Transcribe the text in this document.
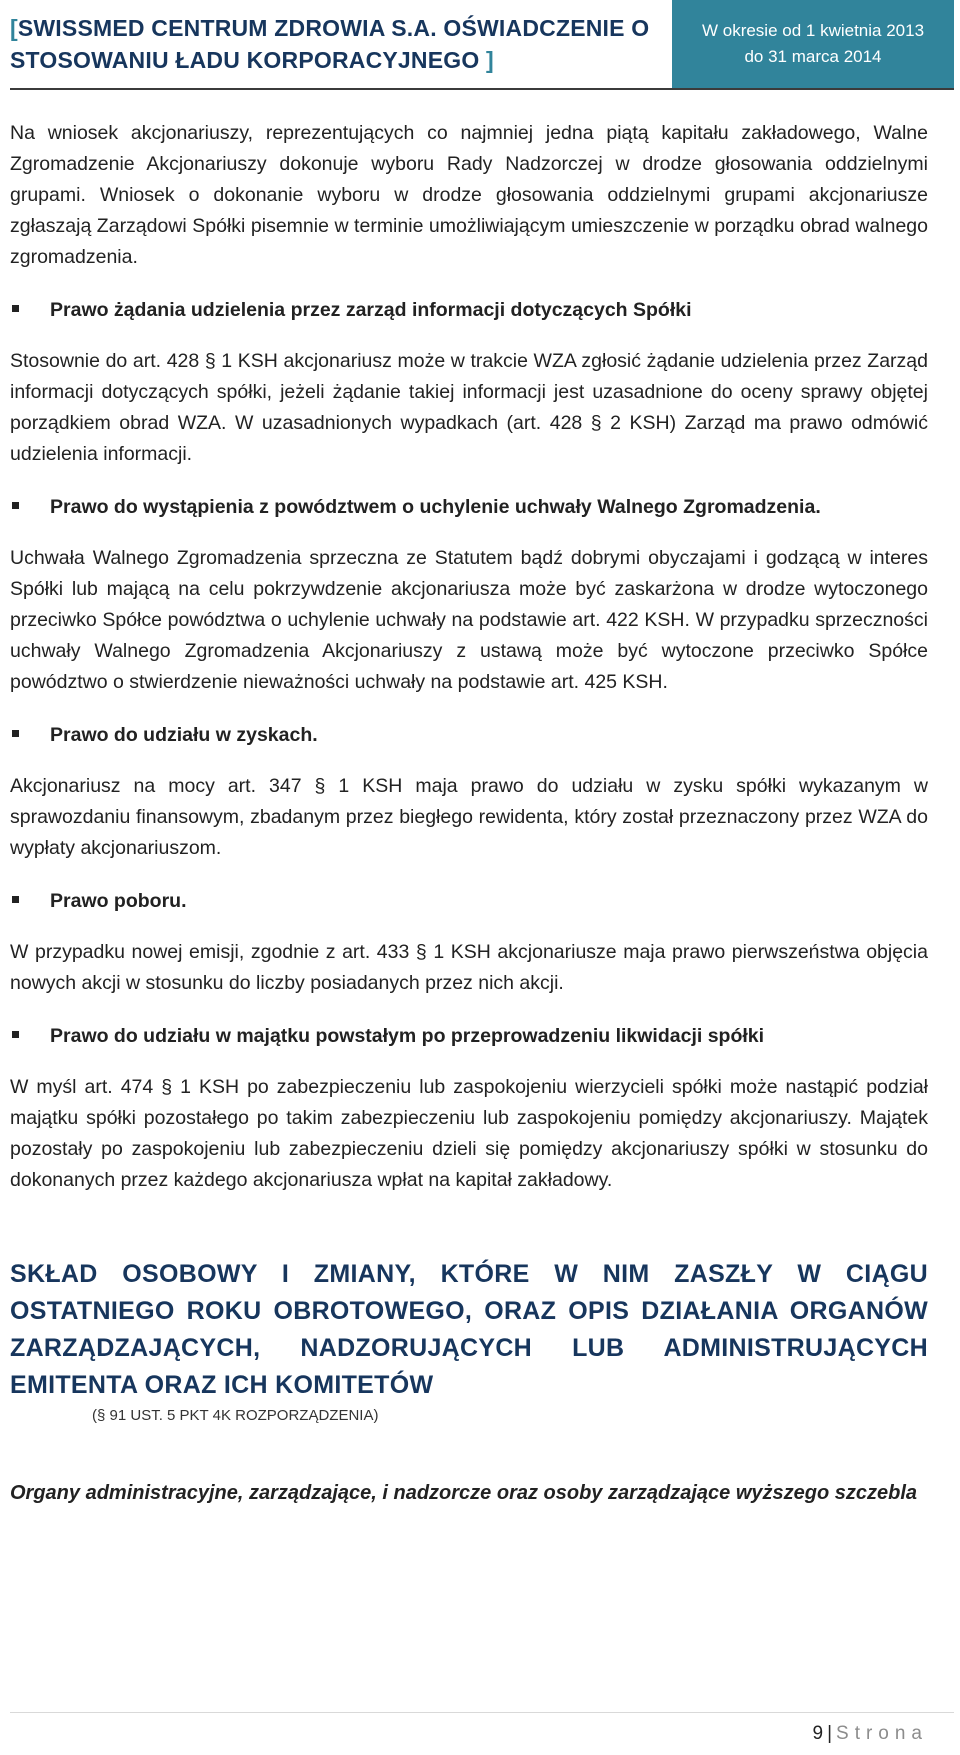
[SWISSMED CENTRUM ZDROWIA S.A. OŚWIADCZENIE O STOSOWANIU ŁADU KORPORACYJNEGO ]
W okresie od 1 kwietnia 2013
do 31 marca 2014

Na wniosek akcjonariuszy, reprezentujących co najmniej jedna piątą kapitału zakładowego, Walne Zgromadzenie Akcjonariuszy dokonuje wyboru Rady Nadzorczej w drodze głosowania oddzielnymi grupami. Wniosek o dokonanie wyboru w drodze głosowania oddzielnymi grupami akcjonariusze zgłaszają Zarządowi Spółki pisemnie w terminie umożliwiającym umieszczenie w porządku obrad walnego zgromadzenia.

Prawo żądania udzielenia przez zarząd informacji dotyczących Spółki

Stosownie do art. 428 § 1 KSH akcjonariusz może w trakcie WZA zgłosić żądanie udzielenia przez Zarząd informacji dotyczących spółki, jeżeli żądanie takiej informacji jest uzasadnione do oceny sprawy objętej porządkiem obrad WZA. W uzasadnionych wypadkach (art. 428 § 2 KSH) Zarząd ma prawo odmówić udzielenia informacji.

Prawo do wystąpienia z powództwem o uchylenie uchwały Walnego Zgromadzenia.

Uchwała Walnego Zgromadzenia sprzeczna ze Statutem bądź dobrymi obyczajami i godzącą w interes Spółki lub mającą na celu pokrzywdzenie akcjonariusza może być zaskarżona w drodze wytoczonego przeciwko Spółce powództwa o uchylenie uchwały na podstawie art. 422 KSH. W przypadku sprzeczności uchwały Walnego Zgromadzenia Akcjonariuszy z ustawą może być wytoczone przeciwko Spółce powództwo o stwierdzenie nieważności uchwały na podstawie art. 425 KSH.

Prawo do udziału w zyskach.

Akcjonariusz na mocy art. 347 § 1 KSH maja prawo do udziału w zysku spółki wykazanym w sprawozdaniu finansowym, zbadanym przez biegłego rewidenta, który został przeznaczony przez WZA do wypłaty akcjonariuszom.

Prawo poboru.

W przypadku nowej emisji, zgodnie z art. 433 § 1 KSH akcjonariusze maja prawo pierwszeństwa objęcia nowych akcji w stosunku do liczby posiadanych przez nich akcji.

Prawo do udziału w majątku powstałym po przeprowadzeniu likwidacji spółki

W myśl art. 474 § 1 KSH po zabezpieczeniu lub zaspokojeniu wierzycieli spółki może nastąpić podział majątku spółki pozostałego po takim zabezpieczeniu lub zaspokojeniu pomiędzy akcjonariuszy. Majątek pozostały po zaspokojeniu lub zabezpieczeniu dzieli się pomiędzy akcjonariuszy spółki w stosunku do dokonanych przez każdego akcjonariusza wpłat na kapitał zakładowy.

SKŁAD OSOBOWY I ZMIANY, KTÓRE W NIM ZASZŁY W CIĄGU OSTATNIEGO ROKU OBROTOWEGO, ORAZ OPIS DZIAŁANIA ORGANÓW ZARZĄDZAJĄCYCH, NADZORUJĄCYCH LUB ADMINISTRUJĄCYCH EMITENTA ORAZ ICH KOMITETÓW
(§ 91 UST. 5 PKT 4K ROZPORZĄDZENIA)
Organy administracyjne, zarządzające, i nadzorcze oraz osoby zarządzające wyższego szczebla
9 | Strona
